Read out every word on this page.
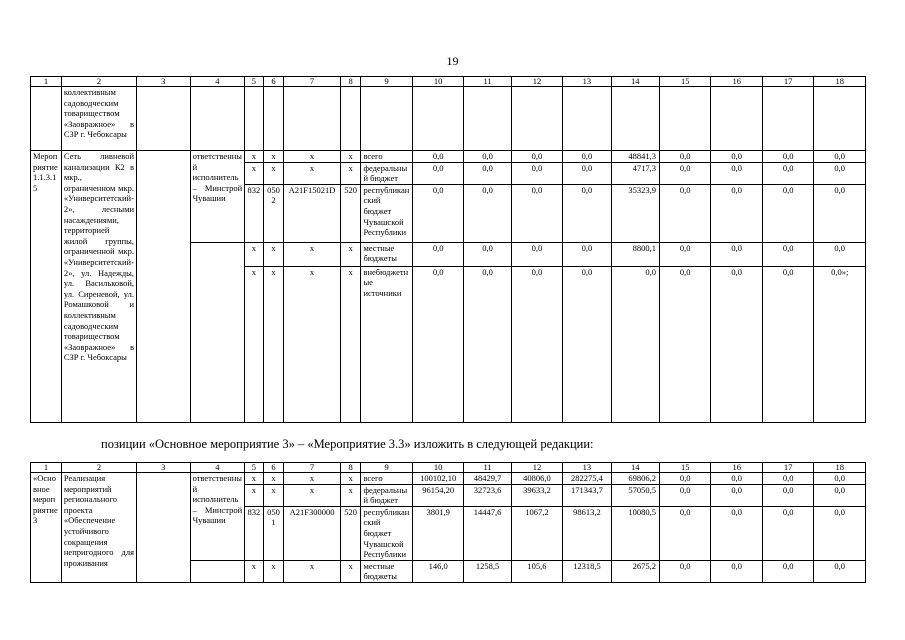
19
1	2	3	4	5	6	7	8	9	10	11	12	13	14	15	16	17	18
	коллективным садоводческим товариществом «Заовражное» в СЗР г. Чебоксары																
Мероприятие 1.1.3.15	Сеть ливневой канализации К2 в мкр., ограниченном мкр. «Университетский-2», лесными насаждениями, территорией жилой группы, ограниченной мкр. «Университетский-2», ул. Надежды, ул. Васильковой, ул. Сиреневой, ул. Ромашковой и коллективным садоводческим товариществом «Заовражное» в СЗР г. Чебоксары		ответственный исполнитель – Минстрой Чувашии	x	x	x	x	всего	0,0	0,0	0,0	0,0	48841,3	0,0	0,0	0,0	0,0
				x	x	x	x	федеральный бюджет	0,0	0,0	0,0	0,0	4717,3	0,0	0,0	0,0	0,0
				832	0502	A21F15021D	520	республиканский бюджет Чувашской Республики	0,0	0,0	0,0	0,0	35323,9	0,0	0,0	0,0	0,0
				x	x	x	x	местные бюджеты	0,0	0,0	0,0	0,0	8800,1	0,0	0,0	0,0	0,0
				x	x	x	x	внебюджетные источники	0,0	0,0	0,0	0,0	0,0	0,0	0,0	0,0	0,0»;
позиции «Основное мероприятие 3» – «Мероприятие 3.3» изложить в следующей редакции:
1	2	3	4	5	6	7	8	9	10	11	12	13	14	15	16	17	18
«Основное мероприятие 3	Реализация мероприятий регионального проекта «Обеспечение устойчивого сокращения непригодного для проживания		ответственный исполнитель – Минстрой Чувашии	x	x	x	x	всего	100102,10	48429,7	40806,0	282275,4	69806,2	0,0	0,0	0,0	0,0
				x	x	x	x	федеральный бюджет	96154,20	32723,6	39633,2	171343,7	57050,5	0,0	0,0	0,0	0,0
				832	0501	A21F300000	520	республиканский бюджет Чувашской Республики	3801,9	14447,6	1067,2	98613,2	10080,5	0,0	0,0	0,0	0,0
				x	x	x	x	местные бюджеты	146,0	1258,5	105,6	12318,5	2675,2	0,0	0,0	0,0	0,0
